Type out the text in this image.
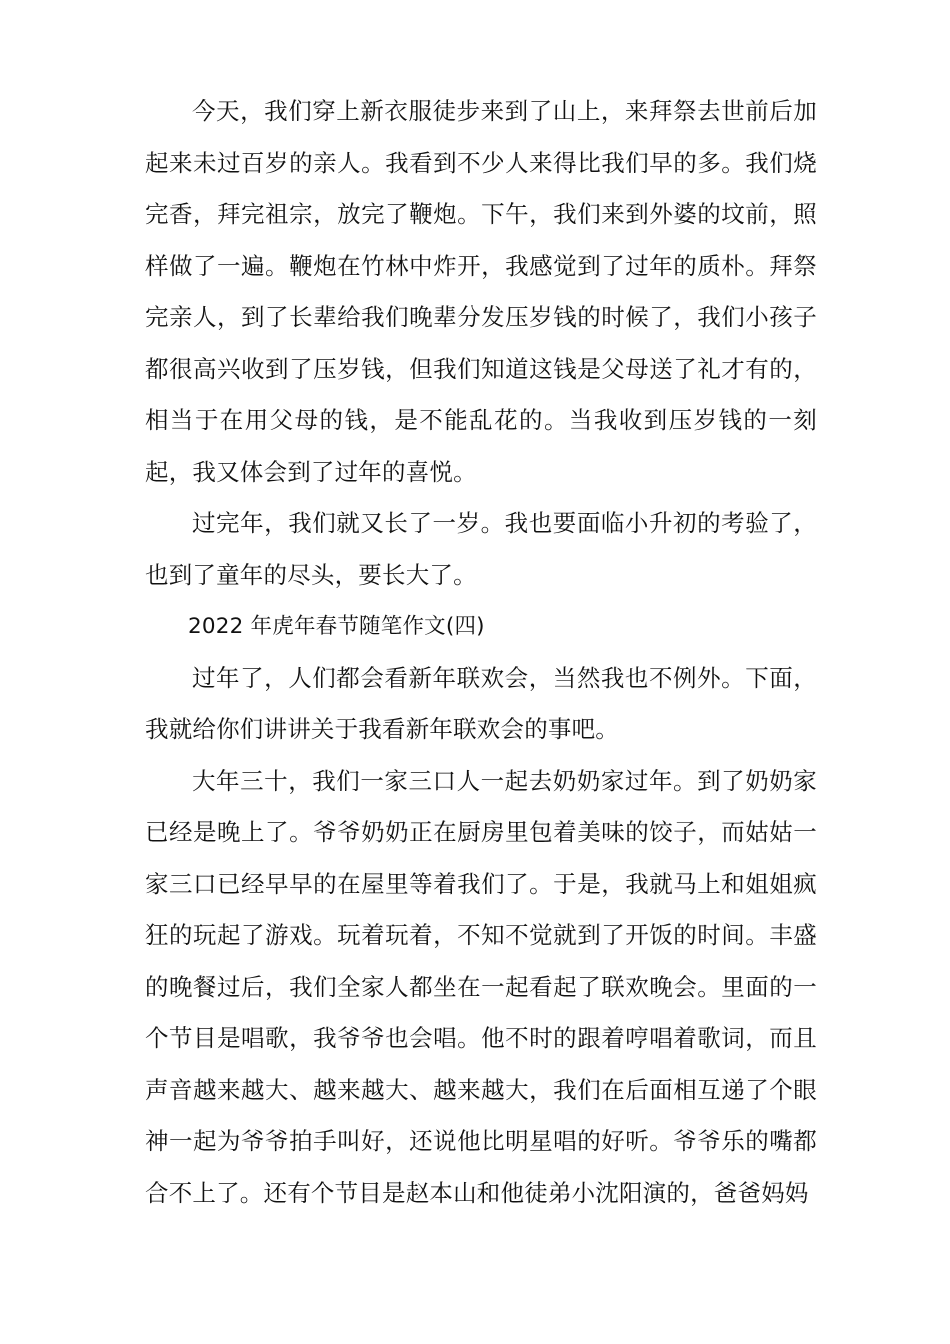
今天，我们穿上新衣服徒步来到了山上，来拜祭去世前后加起来未过百岁的亲人。我看到不少人来得比我们早的多。我们烧完香，拜完祖宗，放完了鞭炮。下午，我们来到外婆的坟前，照样做了一遍。鞭炮在竹林中炸开，我感觉到了过年的质朴。拜祭完亲人，到了长辈给我们晚辈分发压岁钱的时候了，我们小孩子都很高兴收到了压岁钱，但我们知道这钱是父母送了礼才有的，相当于在用父母的钱，是不能乱花的。当我收到压岁钱的一刻起，我又体会到了过年的喜悦。

过完年，我们就又长了一岁。我也要面临小升初的考验了，也到了童年的尽头，要长大了。

2022 年虎年春节随笔作文(四)

过年了，人们都会看新年联欢会，当然我也不例外。下面，我就给你们讲讲关于我看新年联欢会的事吧。

大年三十，我们一家三口人一起去奶奶家过年。到了奶奶家已经是晚上了。爷爷奶奶正在厨房里包着美味的饺子，而姑姑一家三口已经早早的在屋里等着我们了。于是，我就马上和姐姐疯狂的玩起了游戏。玩着玩着，不知不觉就到了开饭的时间。丰盛的晚餐过后，我们全家人都坐在一起看起了联欢晚会。里面的一个节目是唱歌，我爷爷也会唱。他不时的跟着哼唱着歌词，而且声音越来越大、越来越大、越来越大，我们在后面相互递了个眼神一起为爷爷拍手叫好，还说他比明星唱的好听。爷爷乐的嘴都合不上了。还有个节目是赵本山和他徒弟小沈阳演的，爸爸妈妈
